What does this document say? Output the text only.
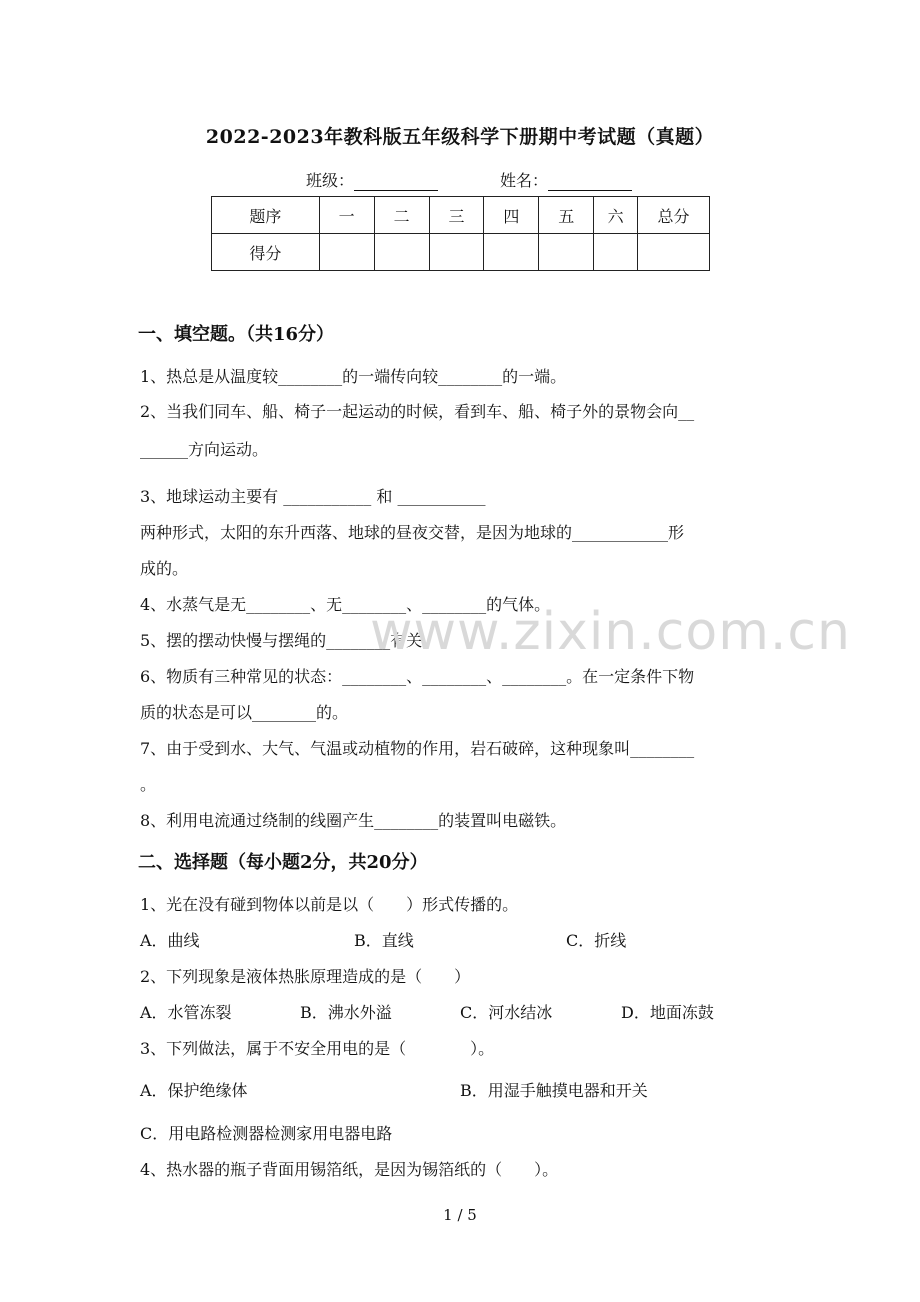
2022-2023年教科版五年级科学下册期中考试题（真题）
班级：	姓名：
题序	一	二	三	四	五	六	总分
得分							
一、填空题。（共16分）
1、热总是从温度较________的一端传向较________的一端。
2、当我们同车、船、椅子一起运动的时候，看到车、船、椅子外的景物会向__
______方向运动。
3、地球运动主要有 ___________ 和 ___________
两种形式，太阳的东升西落、地球的昼夜交替，是因为地球的____________形
成的。
4、水蒸气是无________、无________、________的气体。
5、摆的摆动快慢与摆绳的________有关。
6、物质有三种常见的状态：________、________、________。在一定条件下物
质的状态是可以________的。
7、由于受到水、大气、气温或动植物的作用，岩石破碎，这种现象叫________
。
8、利用电流通过绕制的线圈产生________的装置叫电磁铁。
二、选择题（每小题2分，共20分）
1、光在没有碰到物体以前是以（　　）形式传播的。
A．曲线	B．直线	C．折线
2、下列现象是液体热胀原理造成的是（　　）
A．水管冻裂	B．沸水外溢	C．河水结冰	D．地面冻鼓
3、下列做法，属于不安全用电的是（　　　　）。
A．保护绝缘体	B．用湿手触摸电器和开关
C．用电路检测器检测家用电器电路
4、热水器的瓶子背面用锡箔纸，是因为锡箔纸的（　　）。
www.zixin.com.cn
1 / 5
